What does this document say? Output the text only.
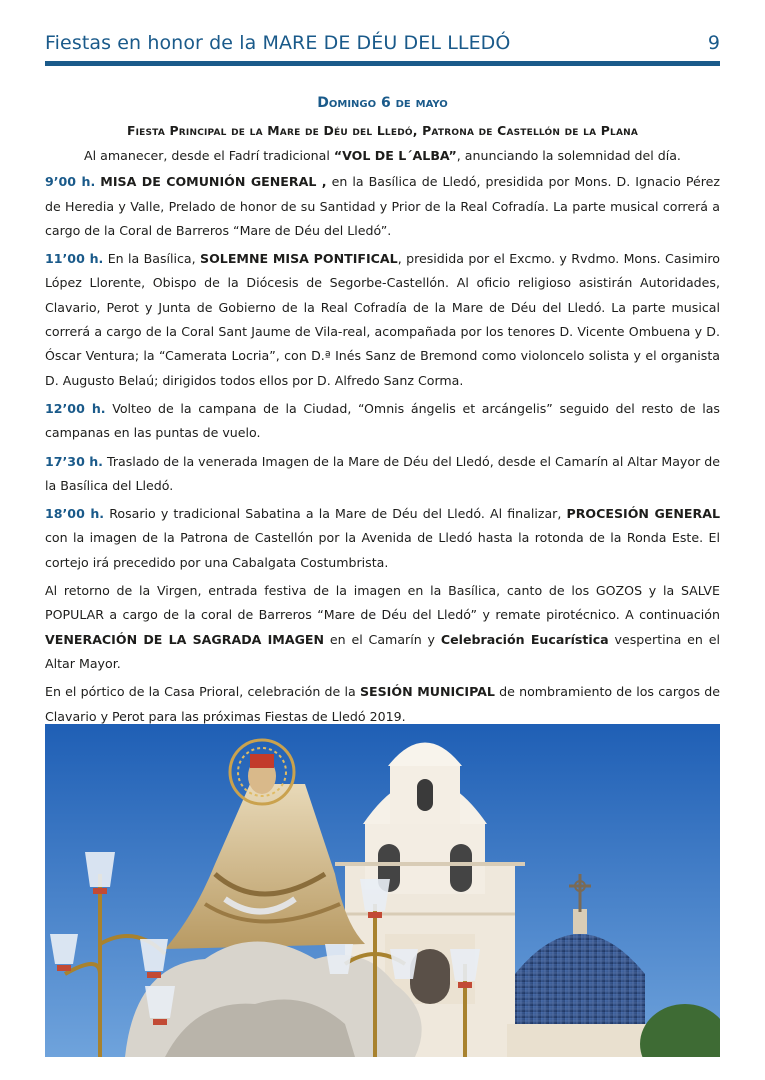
Fiestas en honor de la MARE DE DÉU DEL LLEDÓ	9
Domingo 6 de mayo
Fiesta Principal de la Mare de Déu del Lledó, Patrona de Castellón de la Plana
Al amanecer, desde el Fadrí tradicional “VOL DE L´ALBA”, anunciando la solemnidad del día.
9’00 h. MISA DE COMUNIÓN GENERAL , en la Basílica de Lledó, presidida por Mons. D. Ignacio Pérez de Heredia y Valle, Prelado de honor de su Santidad y Prior de la Real Cofradía. La parte musical correrá a cargo de la Coral de Barreros “Mare de Déu del Lledó”.
11’00 h. En la Basílica, SOLEMNE MISA PONTIFICAL, presidida por el Excmo. y Rvdmo. Mons. Casimiro López Llorente, Obispo de la Diócesis de Segorbe-Castellón. Al oficio religioso asistirán Autoridades, Clavario, Perot y Junta de Gobierno de la Real Cofradía de la Mare de Déu del Lledó. La parte musical correrá a cargo de la Coral Sant Jaume de Vila-real, acompañada por los tenores D. Vicente Ombuena y D. Óscar Ventura; la “Camerata Locria”, con D.ª Inés Sanz de Bremond como violoncelo solista y el organista D. Augusto Belaú; dirigidos todos ellos por D. Alfredo Sanz Corma.
12’00 h. Volteo de la campana de la Ciudad, “Omnis ángelis et arcángelis” seguido del resto de las campanas en las puntas de vuelo.
17’30 h. Traslado de la venerada Imagen de la Mare de Déu del Lledó, desde el Camarín al Altar Mayor de la Basílica del Lledó.
18’00 h. Rosario y tradicional Sabatina a la Mare de Déu del Lledó. Al finalizar, PROCESIÓN GENERAL con la imagen de la Patrona de Castellón por la Avenida de Lledó hasta la rotonda de la Ronda Este. El cortejo irá precedido por una Cabalgata Costumbrista.
Al retorno de la Virgen, entrada festiva de la imagen en la Basílica, canto de los GOZOS y la SALVE POPULAR a cargo de la coral de Barreros “Mare de Déu del Lledó” y remate pirotécnico. A continuación VENERACIÓN DE LA SAGRADA IMAGEN en el Camarín y Celebración Eucarística vespertina en el Altar Mayor.
En el pórtico de la Casa Prioral, celebración de la SESIÓN MUNICIPAL de nombramiento de los cargos de Clavario y Perot para las próximas Fiestas de Lledó 2019.
